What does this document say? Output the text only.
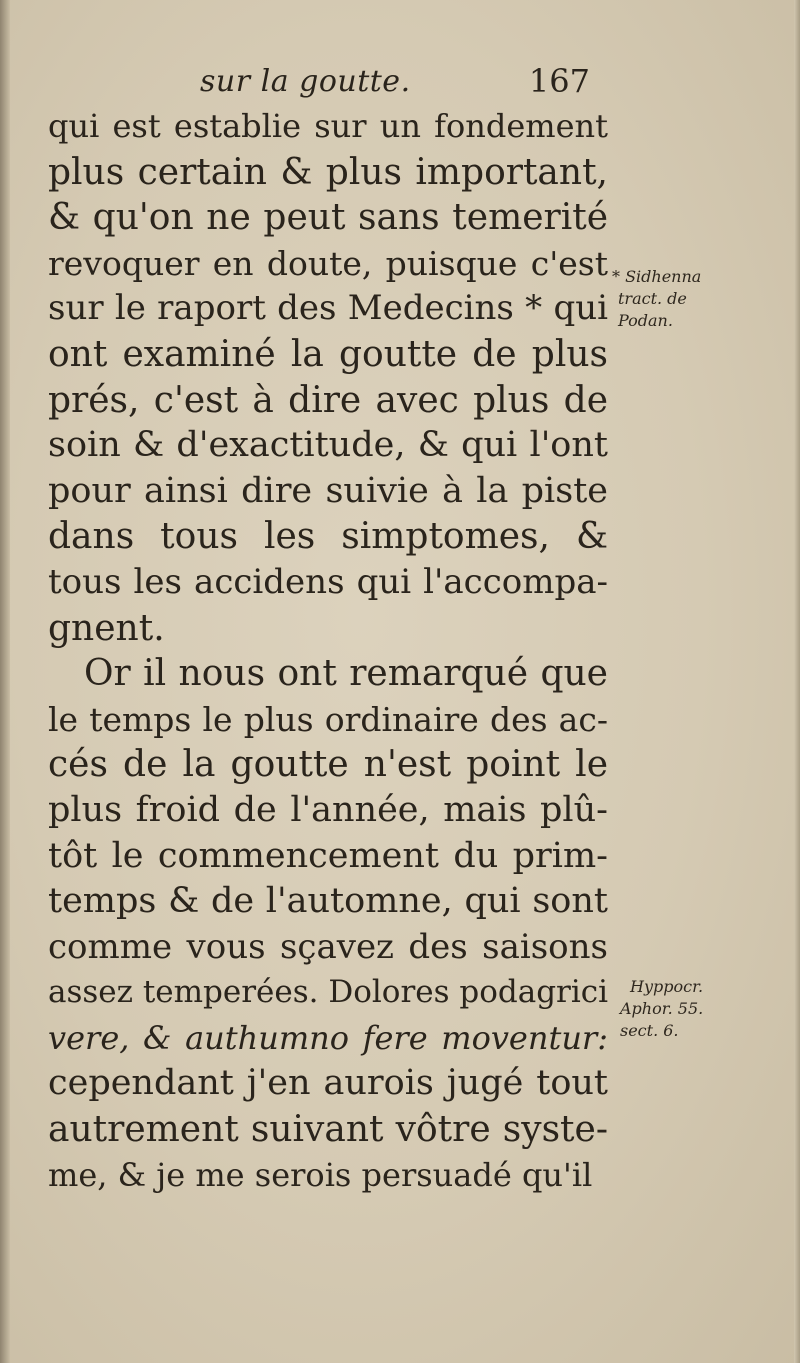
sur la goutte.	167
qui est establie sur un fondement
plus certain & plus important,
& qu'on ne peut sans temerité
revoquer en doute, puisque c'est
sur le raport des Medecins * qui
ont examiné la goutte de plus
prés, c'est à dire avec plus de
soin & d'exactitude, & qui l'ont
pour ainsi dire suivie à la piste
dans tous les simptomes, &
tous les accidens qui l'accompa-
gnent.
Or il nous ont remarqué que
le temps le plus ordinaire des ac-
cés de la goutte n'est point le
plus froid de l'année, mais plû-
tôt le commencement du prim-
temps & de l'automne, qui sont
comme vous sçavez des saisons
assez temperées. Dolores podagrici
vere, & authumno fere moventur:
cependant j'en aurois jugé tout
autrement suivant vôtre syste-
me, & je me serois persuadé qu'il
* Sidhenna
tract. de
Podan.
Hyppocr.
Aphor. 55.
sect. 6.
